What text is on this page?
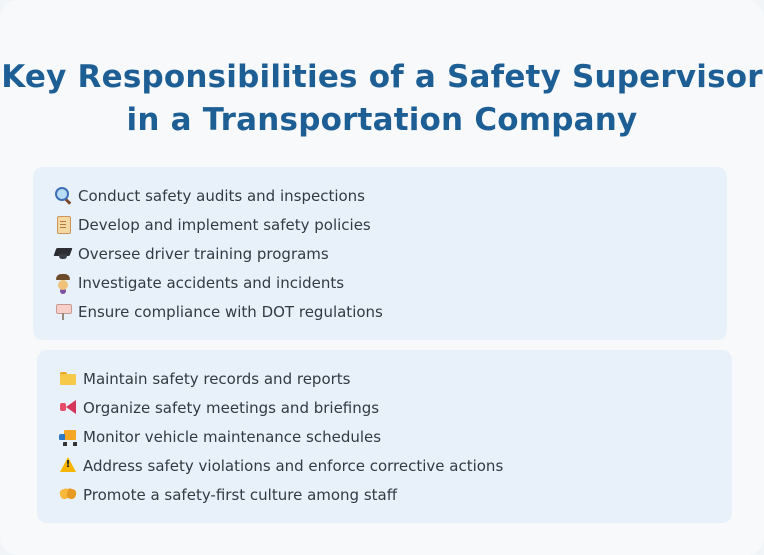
Key Responsibilities of a Safety Supervisor
in a Transportation Company
Conduct safety audits and inspections
Develop and implement safety policies
Oversee driver training programs
Investigate accidents and incidents
Ensure compliance with DOT regulations
Maintain safety records and reports
Organize safety meetings and briefings
Monitor vehicle maintenance schedules
!Address safety violations and enforce corrective actions
Promote a safety-first culture among staff
